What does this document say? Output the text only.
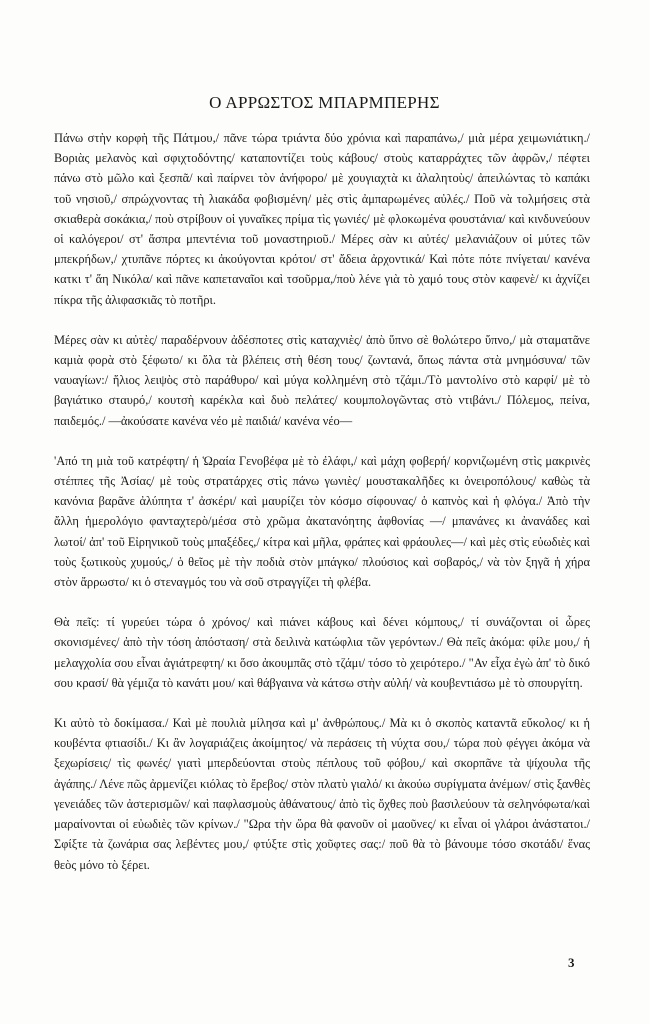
Ο ΑΡΡΩΣΤΟΣ ΜΠΑΡΜΠΕΡΗΣ

Πάνω στὴν κορφὴ τῆς Πάτμου,/ πᾶνε τώρα τριάντα δύο χρόνια καὶ παραπάνω,/ μιὰ μέρα χειμωνιάτικη./ Βοριὰς μελανὸς καὶ σφιχτοδόντης/ καταποντίζει τοὺς κάβους/ στοὺς καταρράχτες τῶν ἀφρῶν,/ πέφτει πάνω στὸ μῶλο καὶ ξεσπᾶ/ καὶ παίρνει τὸν ἀνήφορο/ μὲ χουγιαχτὰ κι ἀλαλητοὺς/ ἀπειλώντας τὸ καπάκι τοῦ νησιοῦ,/ σπρώχνοντας τὴ λιακάδα φοβισμένη/ μὲς στὶς ἀμπαρωμένες αὐλές./ Ποῦ νὰ τολμήσεις στὰ σκιαθερὰ σοκάκια,/ ποὺ στρίβουν οἱ γυναῖκες πρίμα τὶς γωνιές/ μὲ φλοκωμένα φουστάνια/ καὶ κινδυνεύουν οἱ καλόγεροι/ στ' ἄσπρα μπεντένια τοῦ μοναστηριοῦ./ Μέρες σὰν κι αὐτές/ μελανιάζουν οἱ μύτες τῶν μπεκρήδων,/ χτυπᾶνε πόρτες κι ἀκούγονται κρότοι/ στ' ἄδεια ἀρχοντικά/ Καὶ πότε πότε πνίγεται/ κανένα κατκι τ' ἅη Νικόλα/ καὶ πᾶνε καπεταναῖοι καὶ τσοῦρμα,/ποὺ λένε γιὰ τὸ χαμό τους στὸν καφενὲ/ κι ἀχνίζει πίκρα τῆς ἀλιφασκιᾶς τὸ ποτῆρι.

Μέρες σὰν κι αὐτὲς/ παραδέρνουν ἀδέσποτες στὶς καταχνιὲς/ ἀπὸ ὕπνο σὲ θολώτερο ὕπνο,/ μὰ σταματᾶνε καμιὰ φορὰ στὸ ξέφωτο/ κι ὅλα τὰ βλέπεις στὴ θέση τους/ ζωντανά, ὅπως πάντα στὰ μνημόσυνα/ τῶν ναυαγίων:/ ἥλιος λειψὸς στὸ παράθυρο/ καὶ μύγα κολλημένη στὸ τζάμι./Τὸ μαντολίνο στὸ καρφί/ μὲ τὸ βαγιάτικο σταυρό,/ κουτσὴ καρέκλα καὶ δυὸ πελάτες/ κουμπολογῶντας στὸ ντιβάνι./ Πόλεμος, πείνα, παιδεμός./ —ἀκούσατε κανένα νέο μὲ παιδιά/ κανένα νέο—

'Από τη μιὰ τοῦ κατρέφτη/ ἡ Ὡραία Γενοβέφα μὲ τὸ ἐλάφι,/ καὶ μάχη φοβερή/ κορνιζωμένη στὶς μακρινὲς στέππες τῆς Ἀσίας/ μὲ τοὺς στρατάρχες στὶς πάνω γωνιὲς/ μουστακαλῆδες κι ὀνειροπόλους/ καθὼς τὰ κανόνια βαρᾶνε ἀλύπητα τ' ἀσκέρι/ καὶ μαυρίζει τὸν κόσμο σίφουνας/ ὁ καπνὸς καὶ ἡ φλόγα./ Ἀπὸ τὴν ἄλλη ἡμερολόγιο φανταχτερὸ/μέσα στὸ χρῶμα ἀκατανόητης ἀφθονίας —/ μπανάνες κι ἀνανάδες καὶ λωτοί/ ἀπ' τοῦ Εἰρηνικοῦ τοὺς μπαξέδες,/ κίτρα καὶ μῆλα, φράπες καὶ φράουλες—/ καὶ μὲς στὶς εὐωδιὲς καὶ τοὺς ξωτικοὺς χυμούς,/ ὁ θεῖος μὲ τὴν ποδιὰ στὸν μπάγκο/ πλούσιος καὶ σοβαρός,/ νὰ τὸν ξηγᾶ ἡ χήρα στὸν ἄρρωστο/ κι ὁ στεναγμός του νὰ σοῦ στραγγίζει τὴ φλέβα.

Θὰ πεῖς: τί γυρεύει τώρα ὁ χρόνος/ καὶ πιάνει κάβους καὶ δένει κόμπους,/ τί συνάζονται οἱ ὧρες σκονισμένες/ ἀπὸ τὴν τόση ἀπόσταση/ στὰ δειλινὰ κατώφλια τῶν γερόντων./ Θὰ πεῖς ἀκόμα: φίλε μου,/ ἡ μελαγχολία σου εἶναι ἀγιάτρεφτη/ κι ὅσο ἀκουμπᾶς στὸ τζάμι/ τόσο τὸ χειρότερο./ "Αν εἶχα ἐγὼ ἀπ' τὸ δικό σου κρασί/ θὰ γέμιζα τὸ κανάτι μου/ καὶ θάβγαινα νὰ κάτσω στὴν αὐλή/ νὰ κουβεντιάσω μὲ τὸ σπουργίτη.

Κι αὐτὸ τὸ δοκίμασα./ Καὶ μὲ πουλιὰ μίλησα καὶ μ' ἀνθρώπους./ Μὰ κι ὁ σκοπὸς καταντᾶ εὔκολος/ κι ἡ κουβέντα φτιασίδι./ Κι ἂν λογαριάζεις ἀκοίμητος/ νὰ περάσεις τὴ νύχτα σου,/ τώρα ποὺ φέγγει ἀκόμα νὰ ξεχωρίσεις/ τὶς φωνές/ γιατὶ μπερδεύονται στοὺς πέπλους τοῦ φόβου,/ καὶ σκορπᾶνε τὰ ψίχουλα τῆς ἀγάπης./ Λένε πῶς ἀρμενίζει κιόλας τὸ ἔρεβος/ στὸν πλατὺ γιαλό/ κι ἀκούω συρίγματα ἀνέμων/ στὶς ξανθὲς γενειάδες τῶν ἀστερισμῶν/ καὶ παφλασμοὺς ἀθάνατους/ ἀπὸ τὶς ὄχθες ποὺ βασιλεύουν τὰ σεληνόφωτα/καὶ μαραίνονται οἱ εὐωδιὲς τῶν κρίνων./ "Ωρα τὴν ὥρα θὰ φανοῦν οἱ μαοῦνες/ κι εἶναι οἱ γλάροι ἀνάστατοι./ Σφίξτε τὰ ζωνάρια σας λεβέντες μου,/ φτύξτε στὶς χοῦφτες σας:/ ποῦ θὰ τὸ βάνουμε τόσο σκοτάδι/ ἕνας θεὸς μόνο τὸ ξέρει.

3
